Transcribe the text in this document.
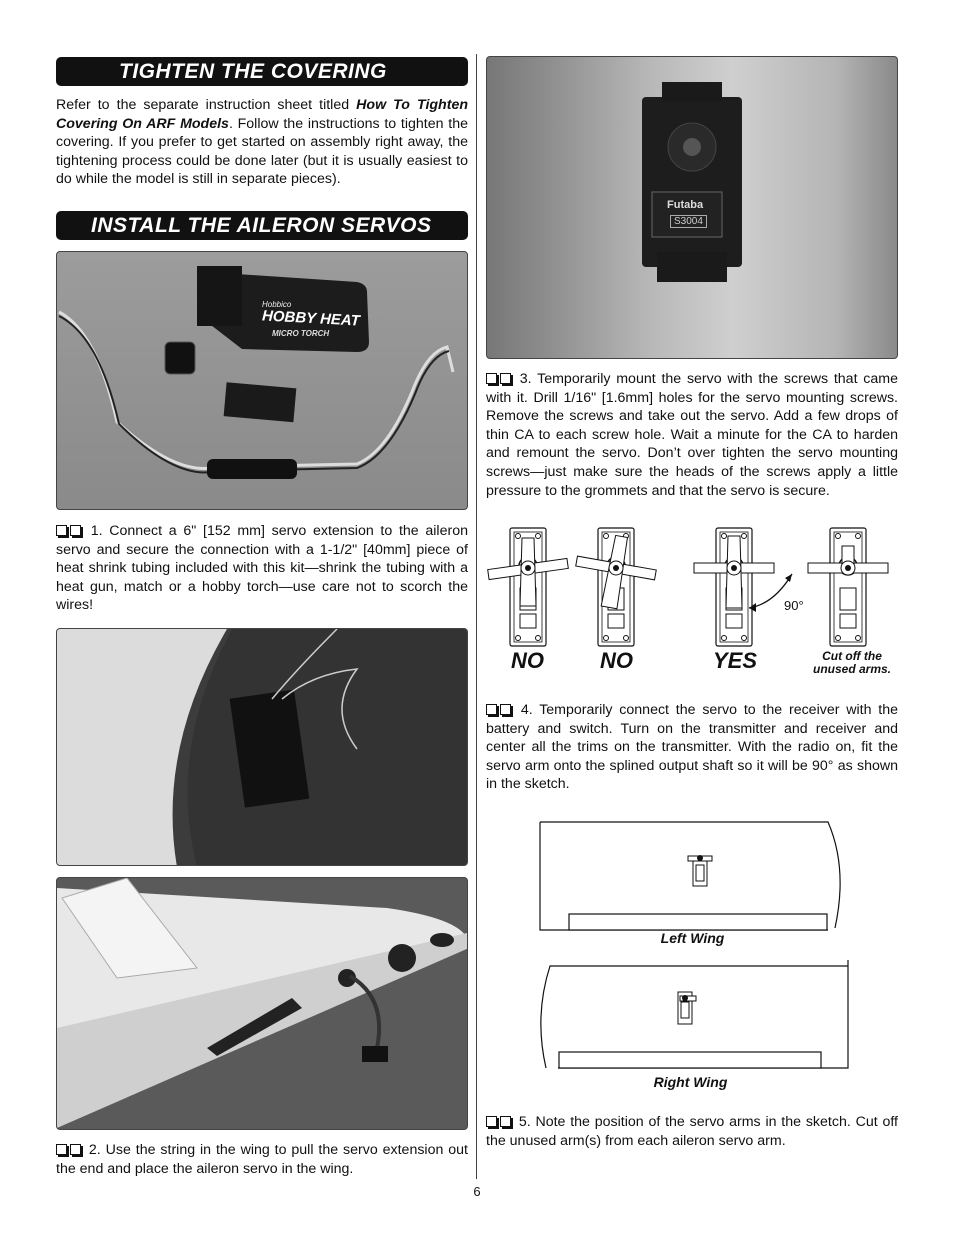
TIGHTEN THE COVERING
Refer to the separate instruction sheet titled How To Tighten Covering On ARF Models. Follow the instructions to tighten the covering. If you prefer to get started on assembly right away, the tightening process could be done later (but it is usually easiest to do while the model is still in separate pieces).
INSTALL THE AILERON SERVOS
Hobbico
HOBBY HEAT
MICRO TORCH
1. Connect a 6" [152 mm] servo extension to the aileron servo and secure the connection with a 1-1/2" [40mm] piece of heat shrink tubing included with this kit—shrink the tubing with a heat gun, match or a hobby torch—use care not to scorch the wires!
2. Use the string in the wing to pull the servo extension out the end and place the aileron servo in the wing.
Futaba
S3004
3. Temporarily mount the servo with the screws that came with it. Drill 1/16" [1.6mm] holes for the servo mounting screws. Remove the screws and take out the servo. Add a few drops of thin CA to each screw hole. Wait a minute for the CA to harden and remount the servo. Don’t over tighten the servo mounting screws—just make sure the heads of the screws apply a little pressure to the grommets and that the servo is secure.
90°
NO	NO	YES	Cut off the
unused arms.
4. Temporarily connect the servo to the receiver with the battery and switch. Turn on the transmitter and receiver and center all the trims on the transmitter. With the radio on, fit the servo arm onto the splined output shaft so it will be 90° as shown in the sketch.
Left Wing
Right Wing
5. Note the position of the servo arms in the sketch. Cut off the unused arm(s) from each aileron servo arm.
6
